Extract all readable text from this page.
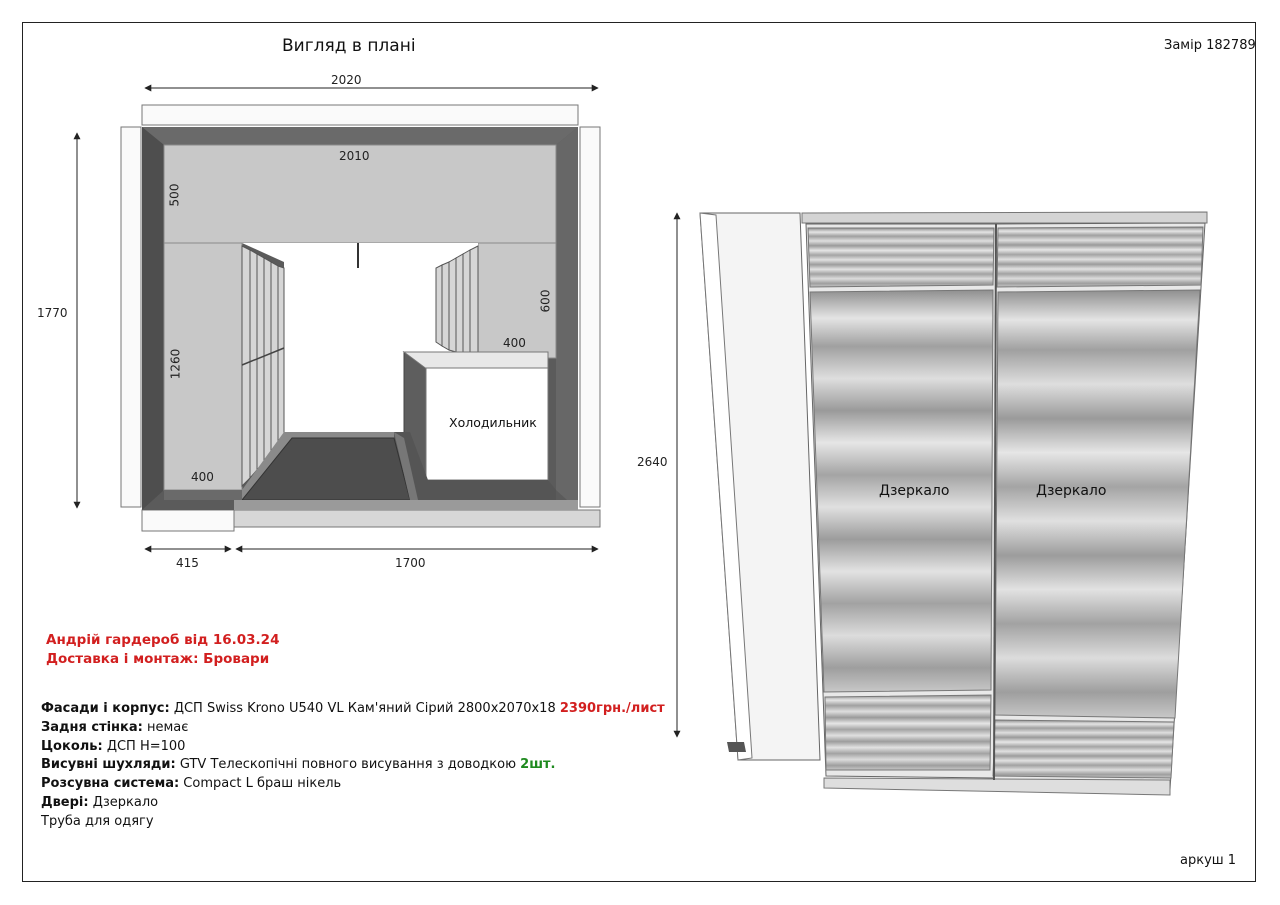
Вигляд в плані	Замір 182789
2020
1770
2010
500
600
400
1260
400
415	1700
Холодильник
2640
Дзеркало	Дзеркало
Андрій гардероб від 16.03.24
Доставка і монтаж: Бровари
Фасади і корпус: ДСП Swiss Krono U540 VL Кам'яний Сірий 2800х2070х18 2390грн./лист
Задня стінка: немає
Цоколь: ДСП Н=100
Висувні шухляди: GTV Телескопічні повного висування з доводкою 2шт.
Розсувна система: Compact L браш нікель
Двері: Дзеркало
Труба для одягу
аркуш 1
